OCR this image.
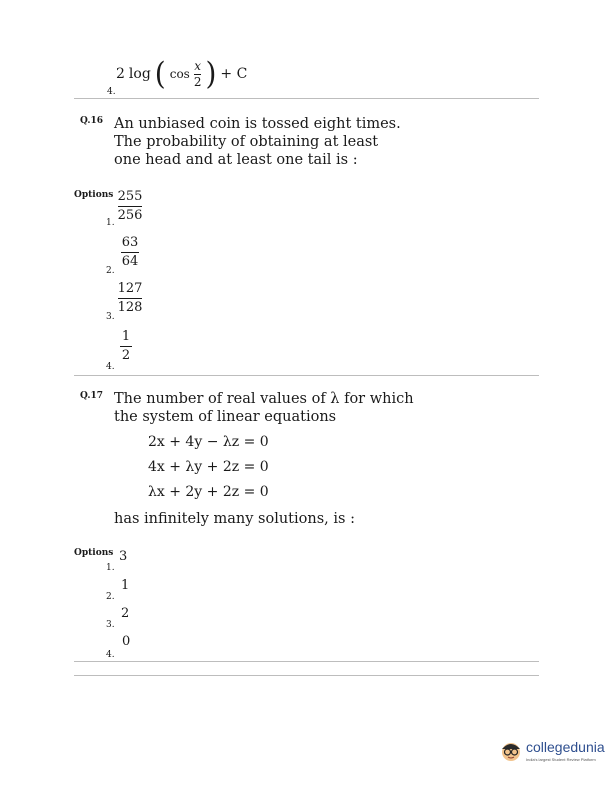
2 log ( cos
x
2 ) + C
4.
Q.16 An unbiased coin is tossed eight times. The probability of obtaining at least one head and at least one tail is :
Options
1.
255
256
2.
63
64
3.
127
128
4.
1
2
Q.17 The number of real values of λ for which
the system of linear equations
2x + 4y − λz = 0
4x + λy + 2z = 0
λx + 2y + 2z = 0
has infinitely many solutions, is :
Options
1.
3
2.
1
3.
2
4.
0
collegedunia
India's largest Student Review Platform
